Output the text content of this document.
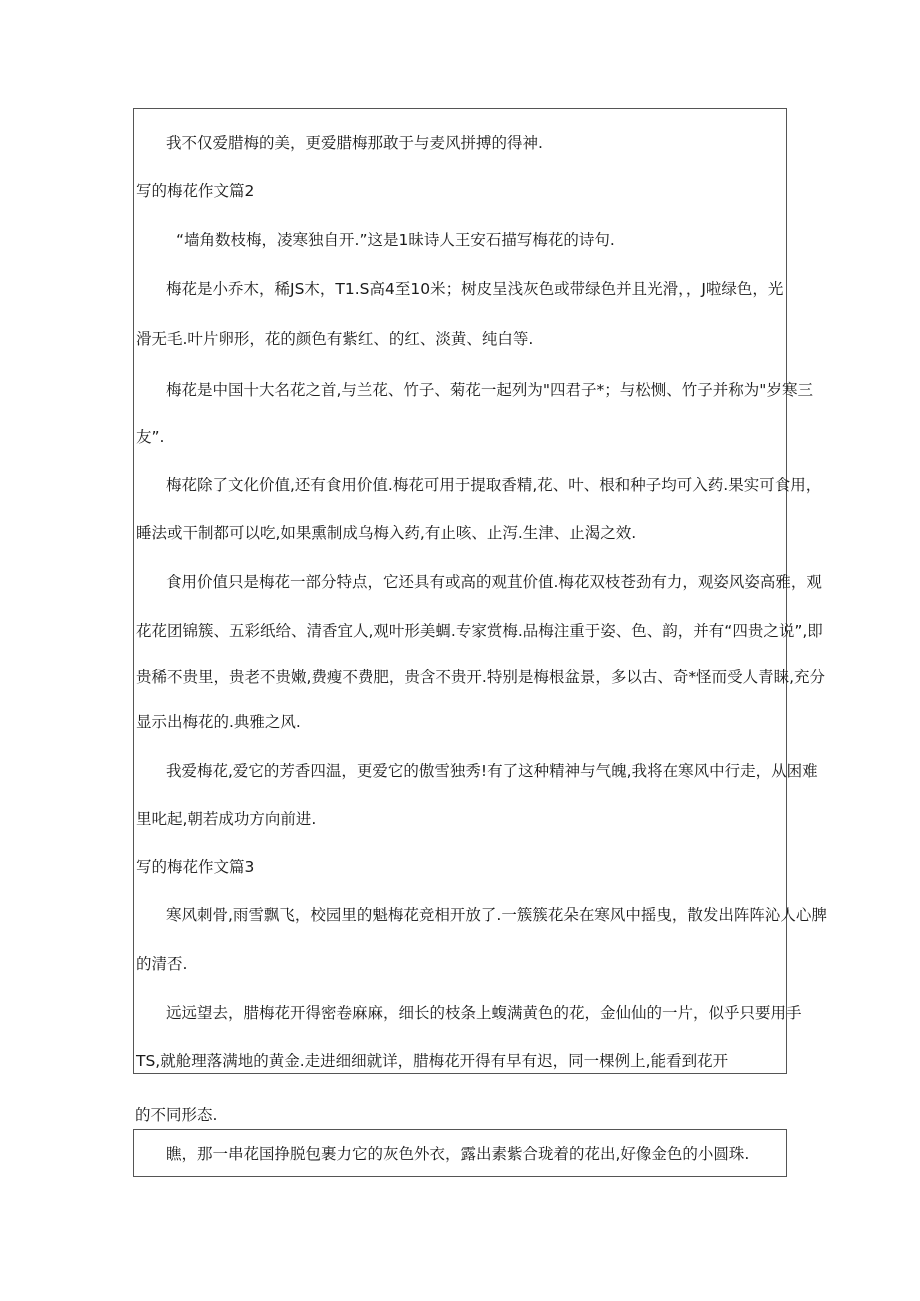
我不仅爱腊梅的美，更爱腊梅那敢于与麦风拼搏的得神.

写的梅花作文篇2

“墙角数枝梅，凌寒独自开.”这是1昧诗人王安石描写梅花的诗句.

梅花是小乔木，稀JS木，T1.S高4至10米；树皮呈浅灰色或带绿色并且光滑，，J啦绿色，光

滑无毛.叶片卵形，花的颜色有紫红、的红、淡黄、纯白等.

梅花是中国十大名花之首,与兰花、竹子、菊花一起列为"四君子*；与松恻、竹子并称为"岁寒三

友”.

梅花除了文化价值,还有食用价值.梅花可用于提取香精,花、叶、根和种子均可入药.果实可食用，

睡法或干制都可以吃,如果熏制成乌梅入药,有止咳、止泻.生津、止渴之效.

食用价值只是梅花一部分特点，它还具有或高的观苴价值.梅花双枝苍劲有力，观姿风姿高雅，观

花花团锦簇、五彩纸给、清香宜人,观叶形美蜩.专家赏梅.品梅注重于姿、色、韵，并有“四贵之说”,即

贵稀不贵里，贵老不贵嫩,费瘦不费肥，贵含不贵开.特别是梅根盆景，多以古、奇*怪而受人青睐,充分

显示出梅花的.典雅之风.

我爱梅花,爱它的芳香四温，更爱它的傲雪独秀!有了这种精神与气魄,我将在寒风中行走，从困难

里叱起,朝若成功方向前进.

写的梅花作文篇3

寒风刺骨,雨雪飘飞，校园里的魁梅花竞相开放了.一簇簇花朵在寒风中摇曳，散发出阵阵沁人心脾

的清否.

远远望去，腊梅花开得密卷麻麻，细长的枝条上蝮满黄色的花，金仙仙的一片，似乎只要用手

TS,就舱理落满地的黄金.走进细细就详，腊梅花开得有早有迟，同一棵例上,能看到花开

的不同形态.

瞧，那一串花国挣脱包裹力它的灰色外衣，露出素紫合珑着的花出,好像金色的小圆珠.
